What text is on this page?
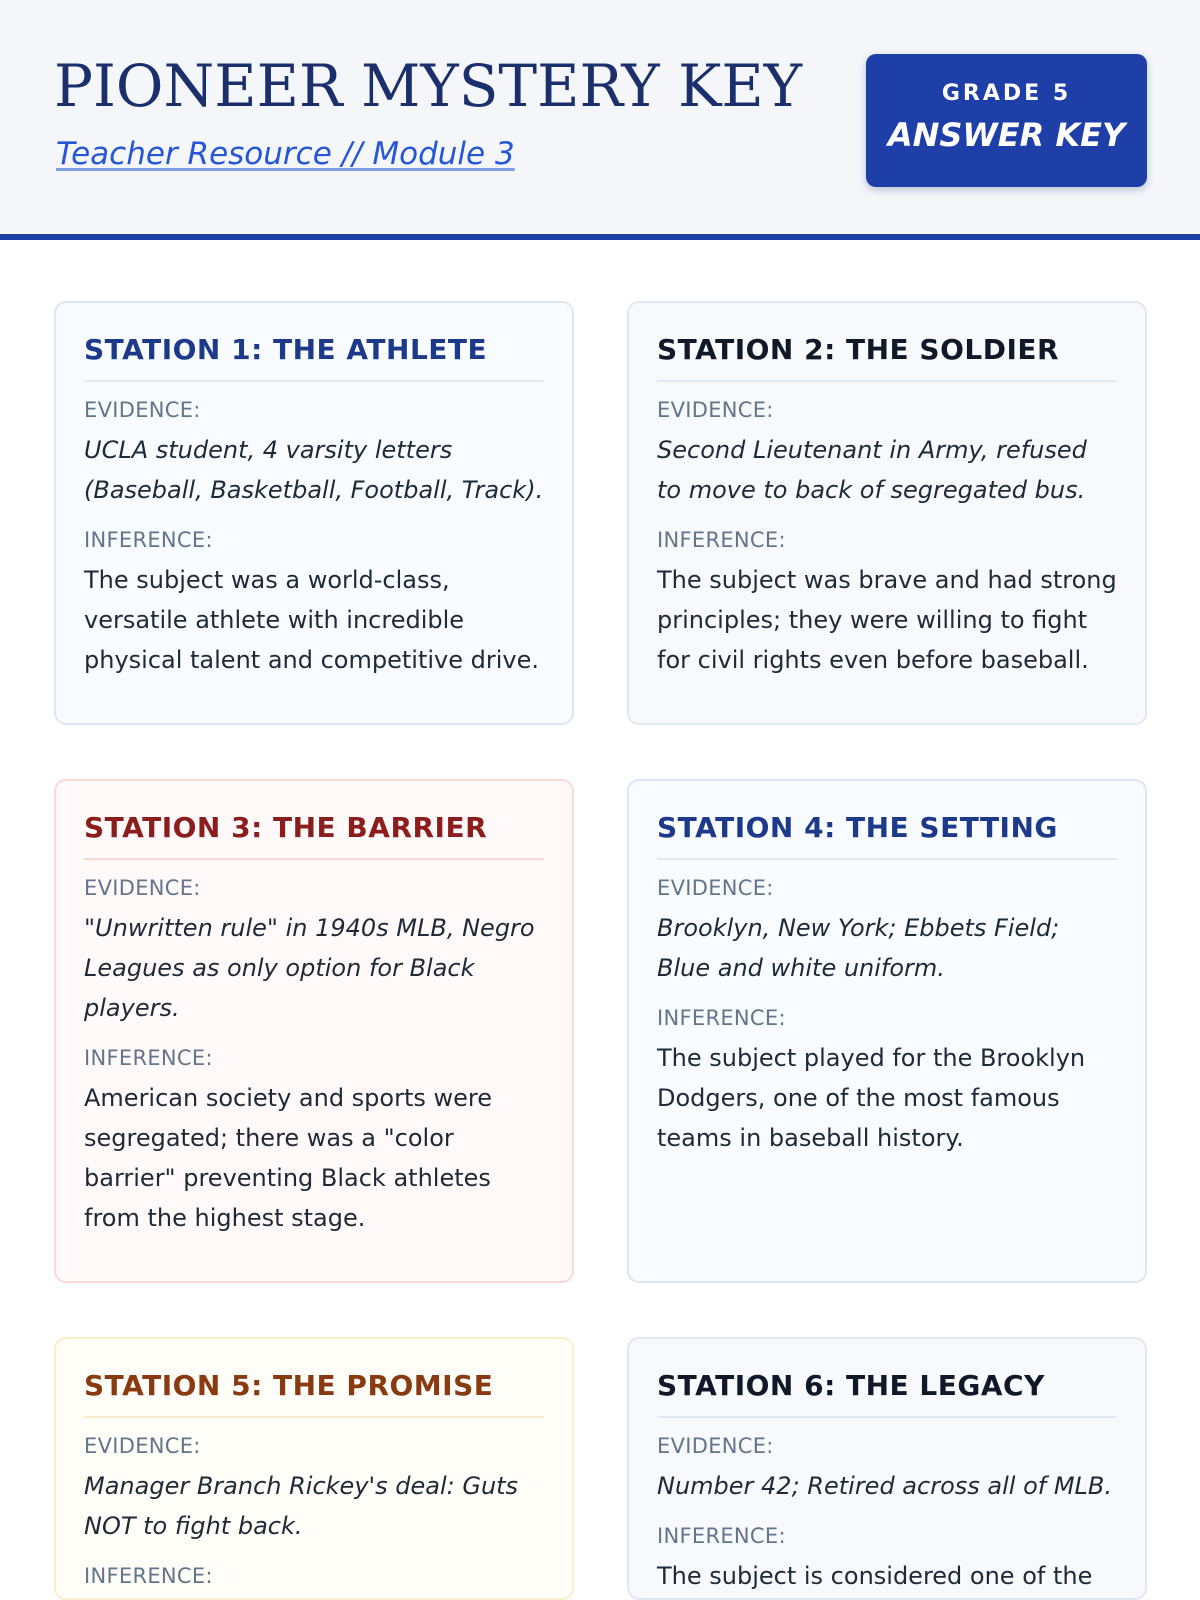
PIONEER MYSTERY KEY
Teacher Resource // Module 3
GRADE 5
ANSWER KEY
STATION 1: THE ATHLETE
EVIDENCE:
UCLA student, 4 varsity letters (Baseball, Basketball, Football, Track).
INFERENCE:
The subject was a world-class, versatile athlete with incredible physical talent and competitive drive.
STATION 2: THE SOLDIER
EVIDENCE:
Second Lieutenant in Army, refused to move to back of segregated bus.
INFERENCE:
The subject was brave and had strong principles; they were willing to fight for civil rights even before baseball.
STATION 3: THE BARRIER
EVIDENCE:
"Unwritten rule" in 1940s MLB, Negro Leagues as only option for Black players.
INFERENCE:
American society and sports were segregated; there was a "color barrier" preventing Black athletes from the highest stage.
STATION 4: THE SETTING
EVIDENCE:
Brooklyn, New York; Ebbets Field; Blue and white uniform.
INFERENCE:
The subject played for the Brooklyn Dodgers, one of the most famous teams in baseball history.
STATION 5: THE PROMISE
EVIDENCE:
Manager Branch Rickey's deal: Guts NOT to fight back.
INFERENCE:
STATION 6: THE LEGACY
EVIDENCE:
Number 42; Retired across all of MLB.
INFERENCE:
The subject is considered one of the
